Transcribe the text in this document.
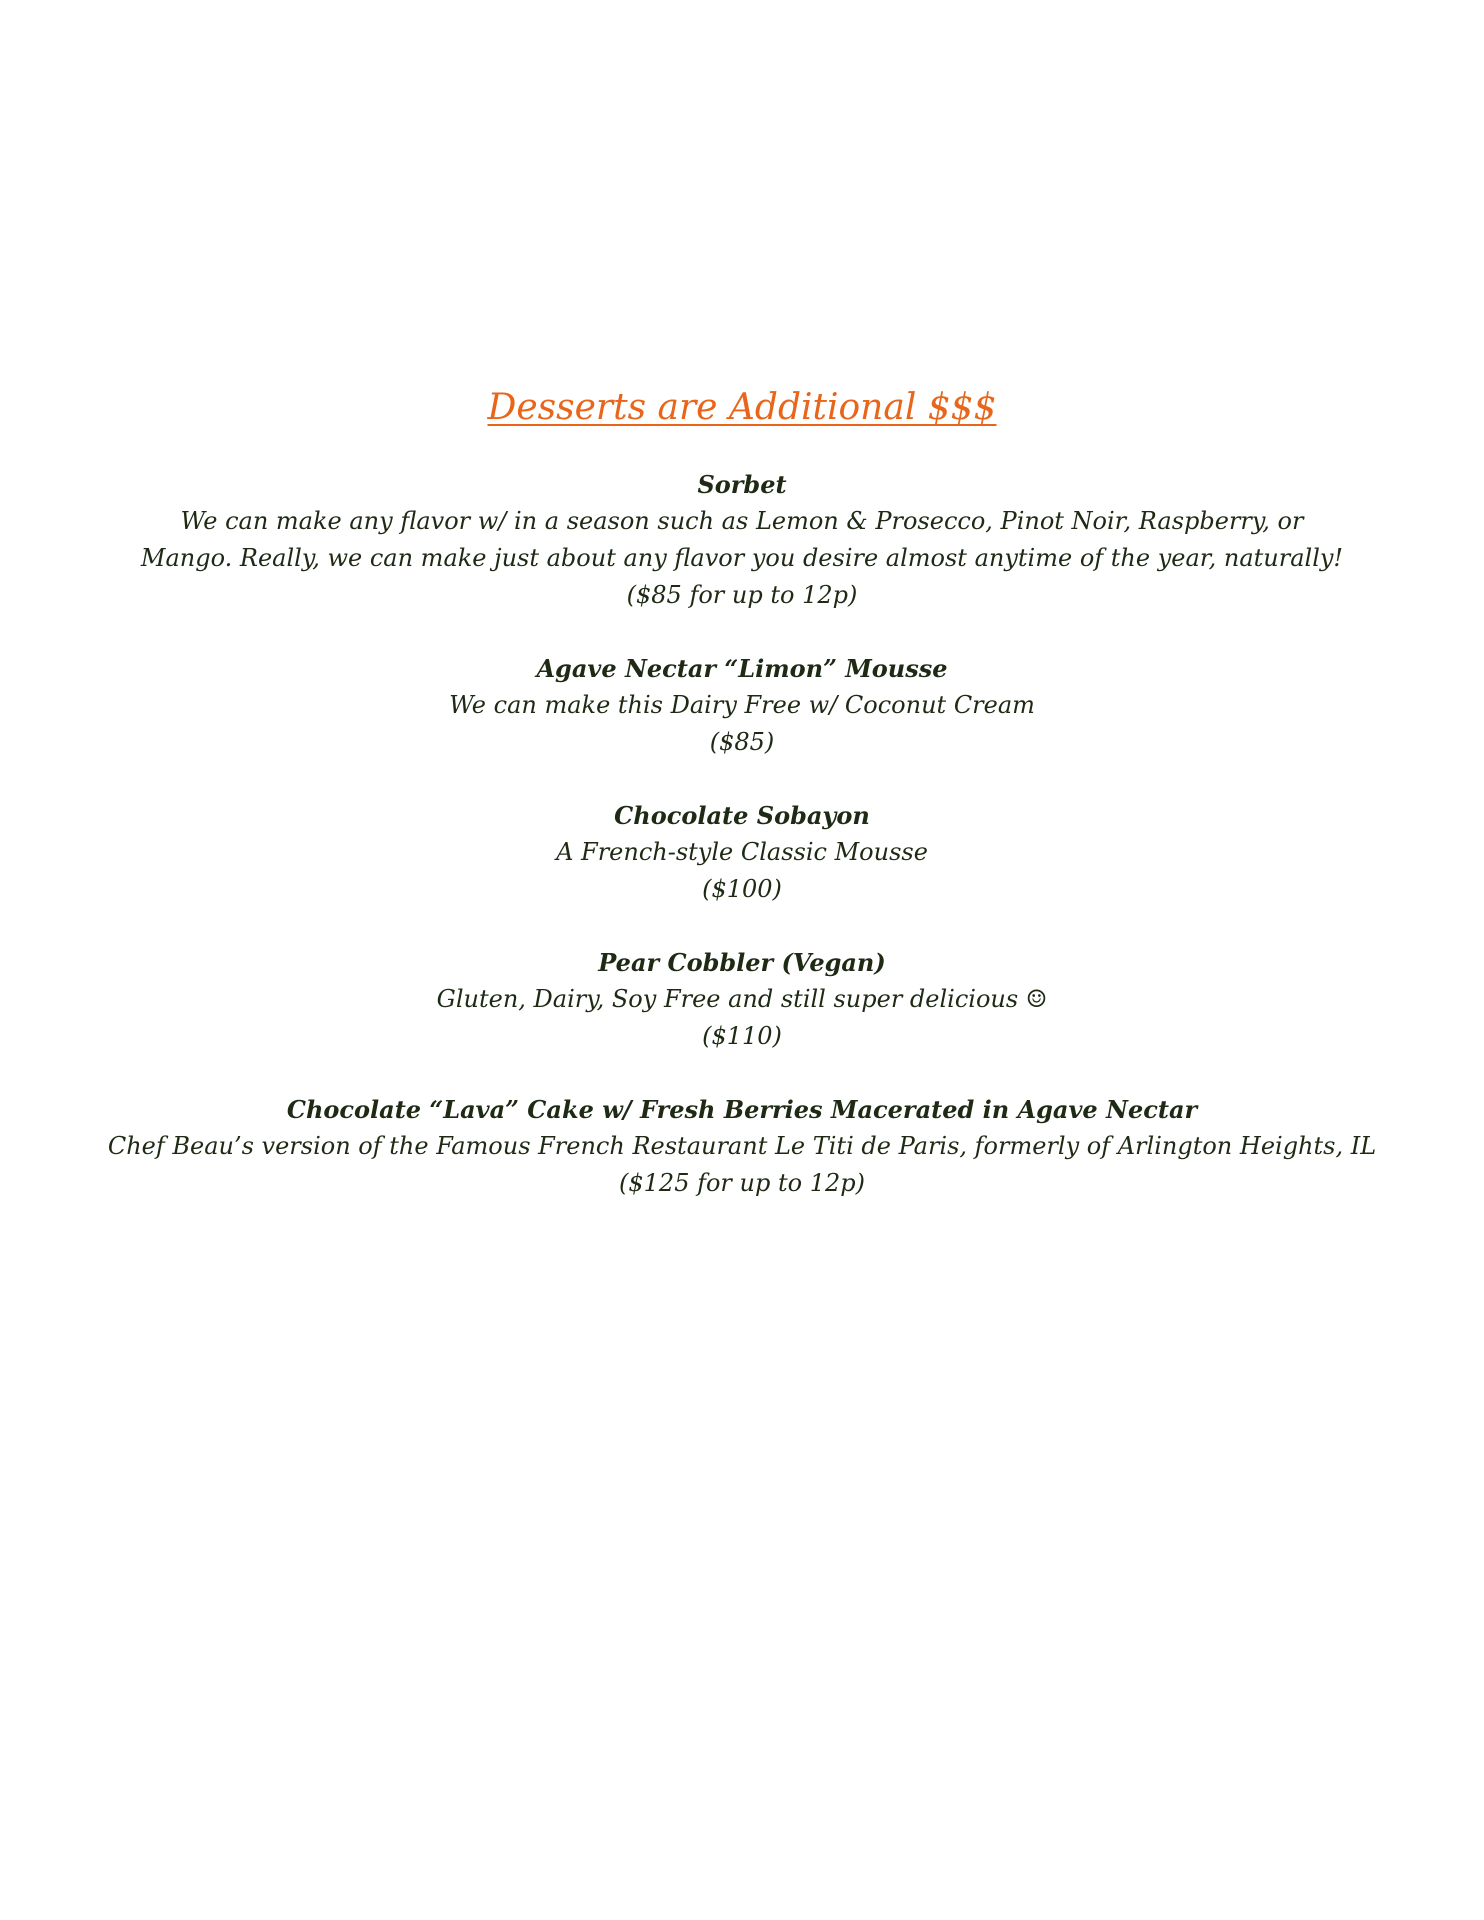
Desserts are Additional $$$

Sorbet

We can make any flavor w/ in a season such as Lemon & Prosecco, Pinot Noir, Raspberry, or Mango. Really, we can make just about any flavor you desire almost anytime of the year, naturally!

($85 for up to 12p)

Agave Nectar “Limon” Mousse

We can make this Dairy Free w/ Coconut Cream

($85)

Chocolate Sobayon

A French-style Classic Mousse

($100)

Pear Cobbler (Vegan)

Gluten, Dairy, Soy Free and still super delicious ☺

($110)

Chocolate “Lava” Cake w/ Fresh Berries Macerated in Agave Nectar

Chef Beau’s version of the Famous French Restaurant Le Titi de Paris, formerly of Arlington Heights, IL

($125 for up to 12p)
